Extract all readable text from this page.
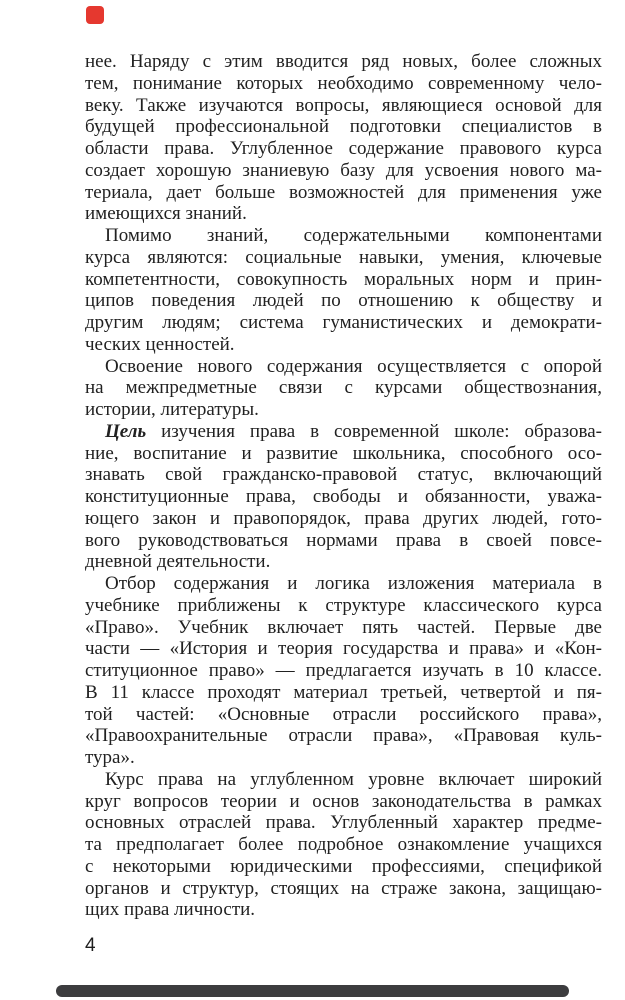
нее. Наряду с этим вводится ряд новых, более сложных
тем, понимание которых необходимо современному чело-
веку. Также изучаются вопросы, являющиеся основой для
будущей профессиональной подготовки специалистов в
области права. Углубленное содержание правового курса
создает хорошую знаниевую базу для усвоения нового ма-
териала, дает больше возможностей для применения уже
имеющихся знаний.
Помимо знаний, содержательными компонентами
курса являются: социальные навыки, умения, ключевые
компетентности, совокупность моральных норм и прин-
ципов поведения людей по отношению к обществу и
другим людям; система гуманистических и демократи-
ческих ценностей.
Освоение нового содержания осуществляется с опорой
на межпредметные связи с курсами обществознания,
истории, литературы.
Цель изучения права в современной школе: образова-
ние, воспитание и развитие школьника, способного осо-
знавать свой гражданско-правовой статус, включающий
конституционные права, свободы и обязанности, уважа-
ющего закон и правопорядок, права других людей, гото-
вого руководствоваться нормами права в своей повсе-
дневной деятельности.
Отбор содержания и логика изложения материала в
учебнике приближены к структуре классического курса
«Право». Учебник включает пять частей. Первые две
части — «История и теория государства и права» и «Кон-
ституционное право» — предлагается изучать в 10 классе.
В 11 классе проходят материал третьей, четвертой и пя-
той частей: «Основные отрасли российского права»,
«Правоохранительные отрасли права», «Правовая куль-
тура».
Курс права на углубленном уровне включает широкий
круг вопросов теории и основ законодательства в рамках
основных отраслей права. Углубленный характер предме-
та предполагает более подробное ознакомление учащихся
с некоторыми юридическими профессиями, спецификой
органов и структур, стоящих на страже закона, защищаю-
щих права личности.
4
